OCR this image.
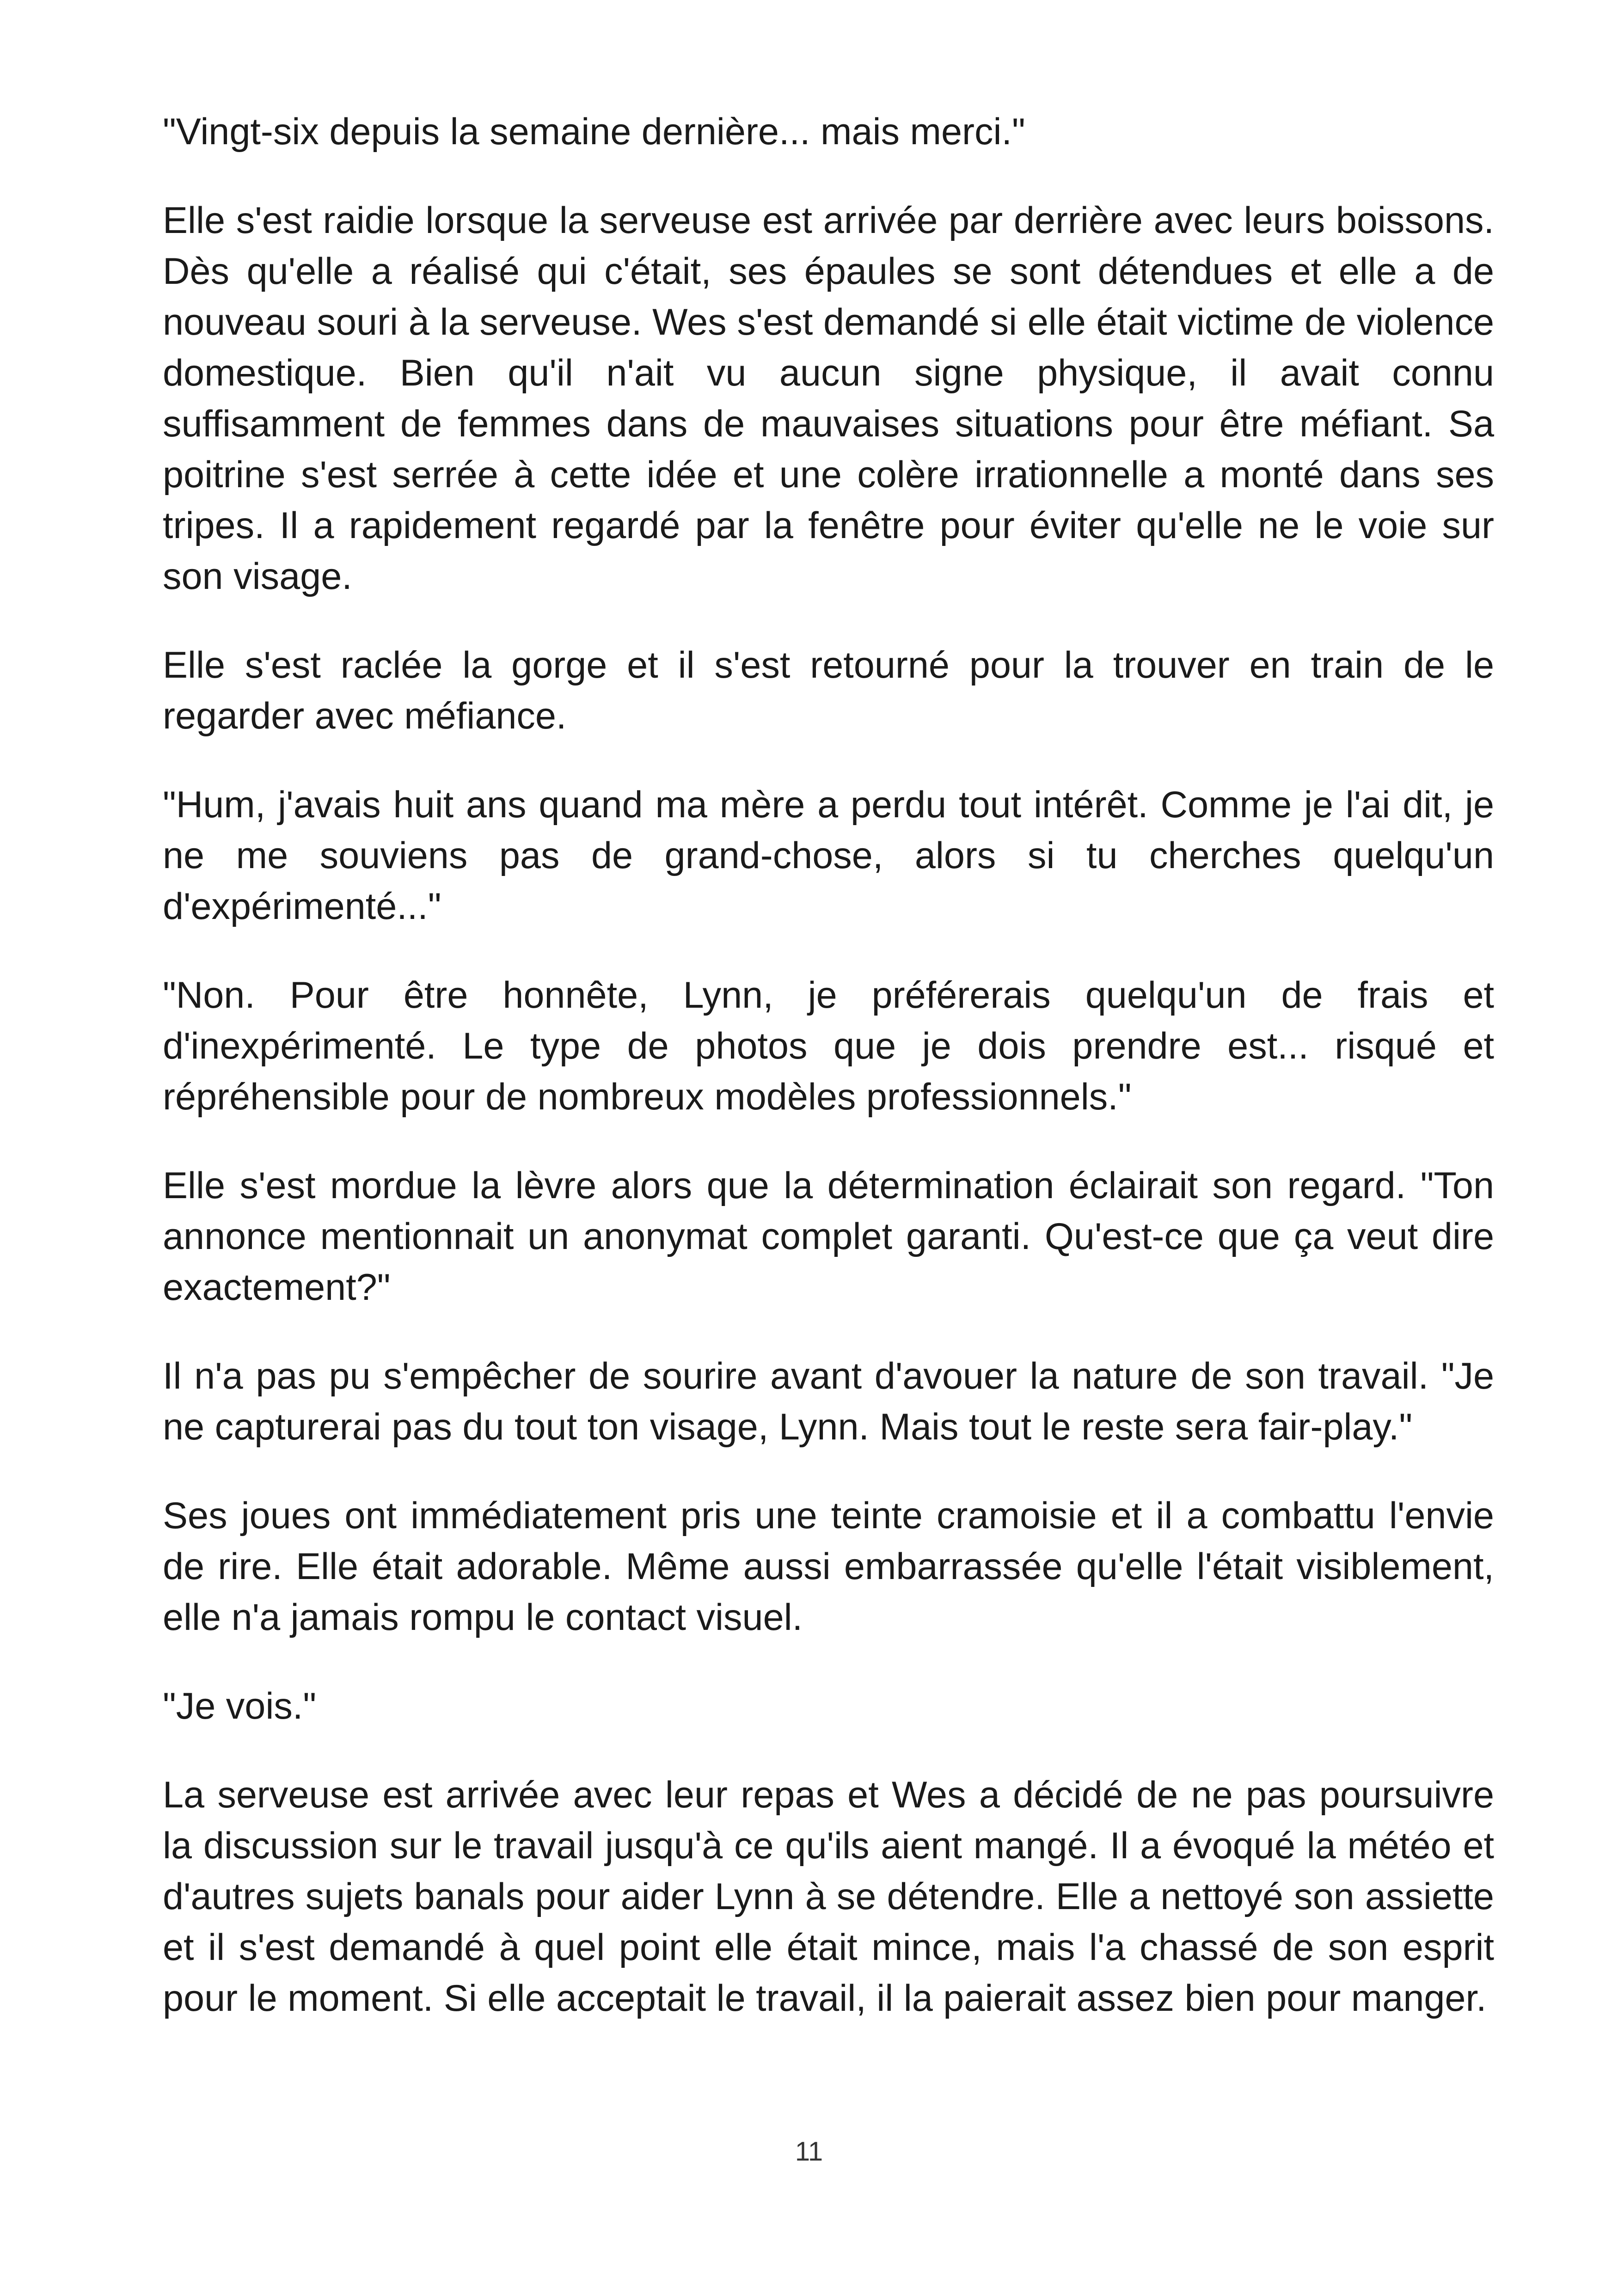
"Vingt-six depuis la semaine dernière... mais merci."

Elle s'est raidie lorsque la serveuse est arrivée par derrière avec leurs boissons. Dès qu'elle a réalisé qui c'était, ses épaules se sont détendues et elle a de nouveau souri à la serveuse. Wes s'est demandé si elle était victime de violence domestique. Bien qu'il n'ait vu aucun signe physique, il avait connu suffisamment de femmes dans de mauvaises situations pour être méfiant. Sa poitrine s'est serrée à cette idée et une colère irrationnelle a monté dans ses tripes. Il a rapidement regardé par la fenêtre pour éviter qu'elle ne le voie sur son visage.

Elle s'est raclée la gorge et il s'est retourné pour la trouver en train de le regarder avec méfiance.

"Hum, j'avais huit ans quand ma mère a perdu tout intérêt. Comme je l'ai dit, je ne me souviens pas de grand-chose, alors si tu cherches quelqu'un d'expérimenté..."

"Non. Pour être honnête, Lynn, je préférerais quelqu'un de frais et d'inexpérimenté. Le type de photos que je dois prendre est... risqué et répréhensible pour de nombreux modèles professionnels."

Elle s'est mordue la lèvre alors que la détermination éclairait son regard. "Ton annonce mentionnait un anonymat complet garanti. Qu'est-ce que ça veut dire exactement?"

Il n'a pas pu s'empêcher de sourire avant d'avouer la nature de son travail. "Je ne capturerai pas du tout ton visage, Lynn. Mais tout le reste sera fair-play."

Ses joues ont immédiatement pris une teinte cramoisie et il a combattu l'envie de rire. Elle était adorable. Même aussi embarrassée qu'elle l'était visiblement, elle n'a jamais rompu le contact visuel.

"Je vois."

La serveuse est arrivée avec leur repas et Wes a décidé de ne pas poursuivre la discussion sur le travail jusqu'à ce qu'ils aient mangé. Il a évoqué la météo et d'autres sujets banals pour aider Lynn à se détendre. Elle a nettoyé son assiette et il s'est demandé à quel point elle était mince, mais l'a chassé de son esprit pour le moment. Si elle acceptait le travail, il la paierait assez bien pour manger.

11
